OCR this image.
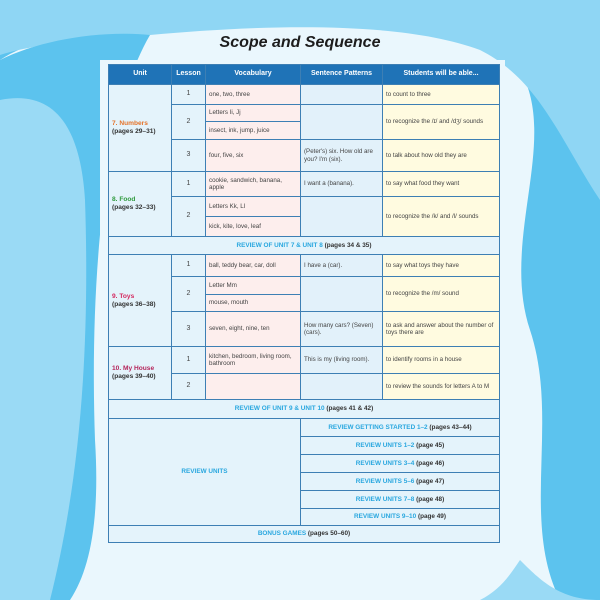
Scope and Sequence
Unit	Lesson	Vocabulary	Sentence Patterns	Students will be able...
7. Numbers
(pages 29–31)	1	one, two, three		to count to three
	2	Letters Ii, Jj		to recognize the /ɪ/ and /dʒ/ sounds
		insect, ink, jump, juice		
	3	four, five, six	(Peter's) six. How old are you? I'm (six).	to talk about how old they are
8. Food
(pages 32–33)	1	cookie, sandwich, banana, apple	I want a (banana).	to say what food they want
	2	Letters Kk, Ll		to recognize the /k/ and /l/ sounds
		kick, kite, love, leaf		
REVIEW OF UNIT 7 & UNIT 8 (pages 34 & 35)				
9. Toys
(pages 36–38)	1	ball, teddy bear, car, doll	I have a (car).	to say what toys they have
	2	Letter Mm		to recognize the /m/ sound
		mouse, mouth		
	3	seven, eight, nine, ten	How many cars? (Seven) (cars).	to ask and answer about the number of toys there are
10. My House
(pages 39–40)	1	kitchen, bedroom, living room, bathroom	This is my (living room).	to identify rooms in a house
	2			to review the sounds for letters A to M
REVIEW OF UNIT 9 & UNIT 10 (pages 41 & 42)				
REVIEW UNITS			REVIEW GETTING STARTED 1–2 (pages 43–44)	
			REVIEW UNITS 1–2 (page 45)	
			REVIEW UNITS 3–4 (page 46)	
			REVIEW UNITS 5–6 (page 47)	
			REVIEW UNITS 7–8 (page 48)	
			REVIEW UNITS 9–10 (page 49)	
BONUS GAMES (pages 50–60)				
